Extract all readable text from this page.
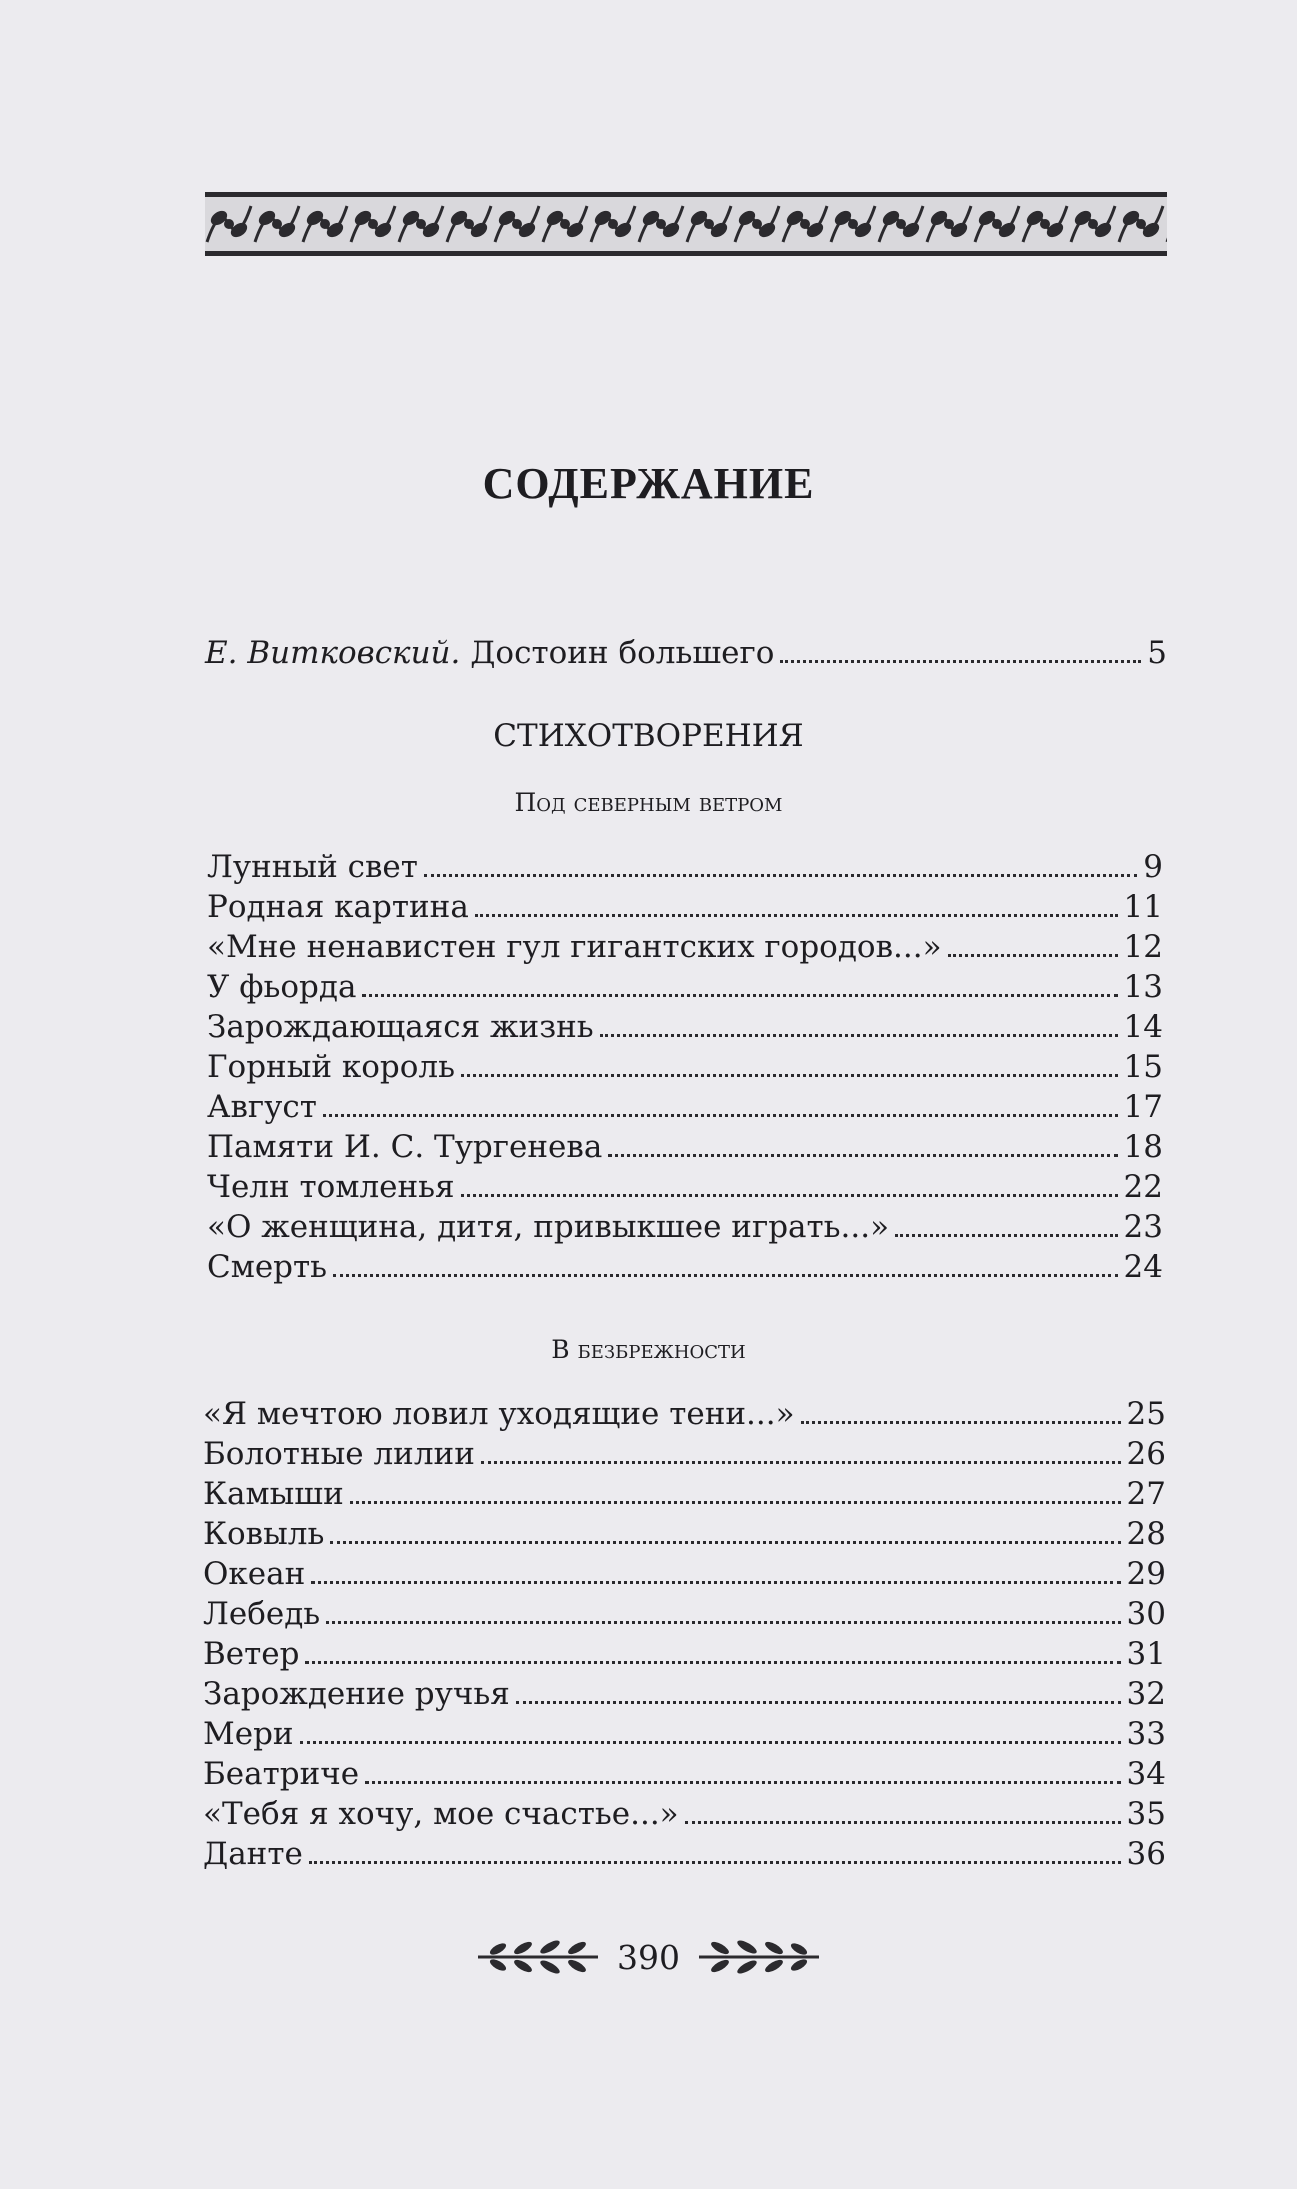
СОДЕРЖАНИЕ
Е. Витковский. Достоин большего	5
СТИХОТВОРЕНИЯ
Под северным ветром
Лунный свет	9
Родная картина	11
«Мне ненавистен гул гигантских городов...»	12
У фьорда	13
Зарождающаяся жизнь	14
Горный король	15
Август	17
Памяти И. С. Тургенева	18
Челн томленья	22
«О женщина, дитя, привыкшее играть...»	23
Смерть	24
В безбрежности
«Я мечтою ловил уходящие тени...»	25
Болотные лилии	26
Камыши	27
Ковыль	28
Океан	29
Лебедь	30
Ветер	31
Зарождение ручья	32
Мери	33
Беатриче	34
«Тебя я хочу, мое счастье...»	35
Данте	36
390
